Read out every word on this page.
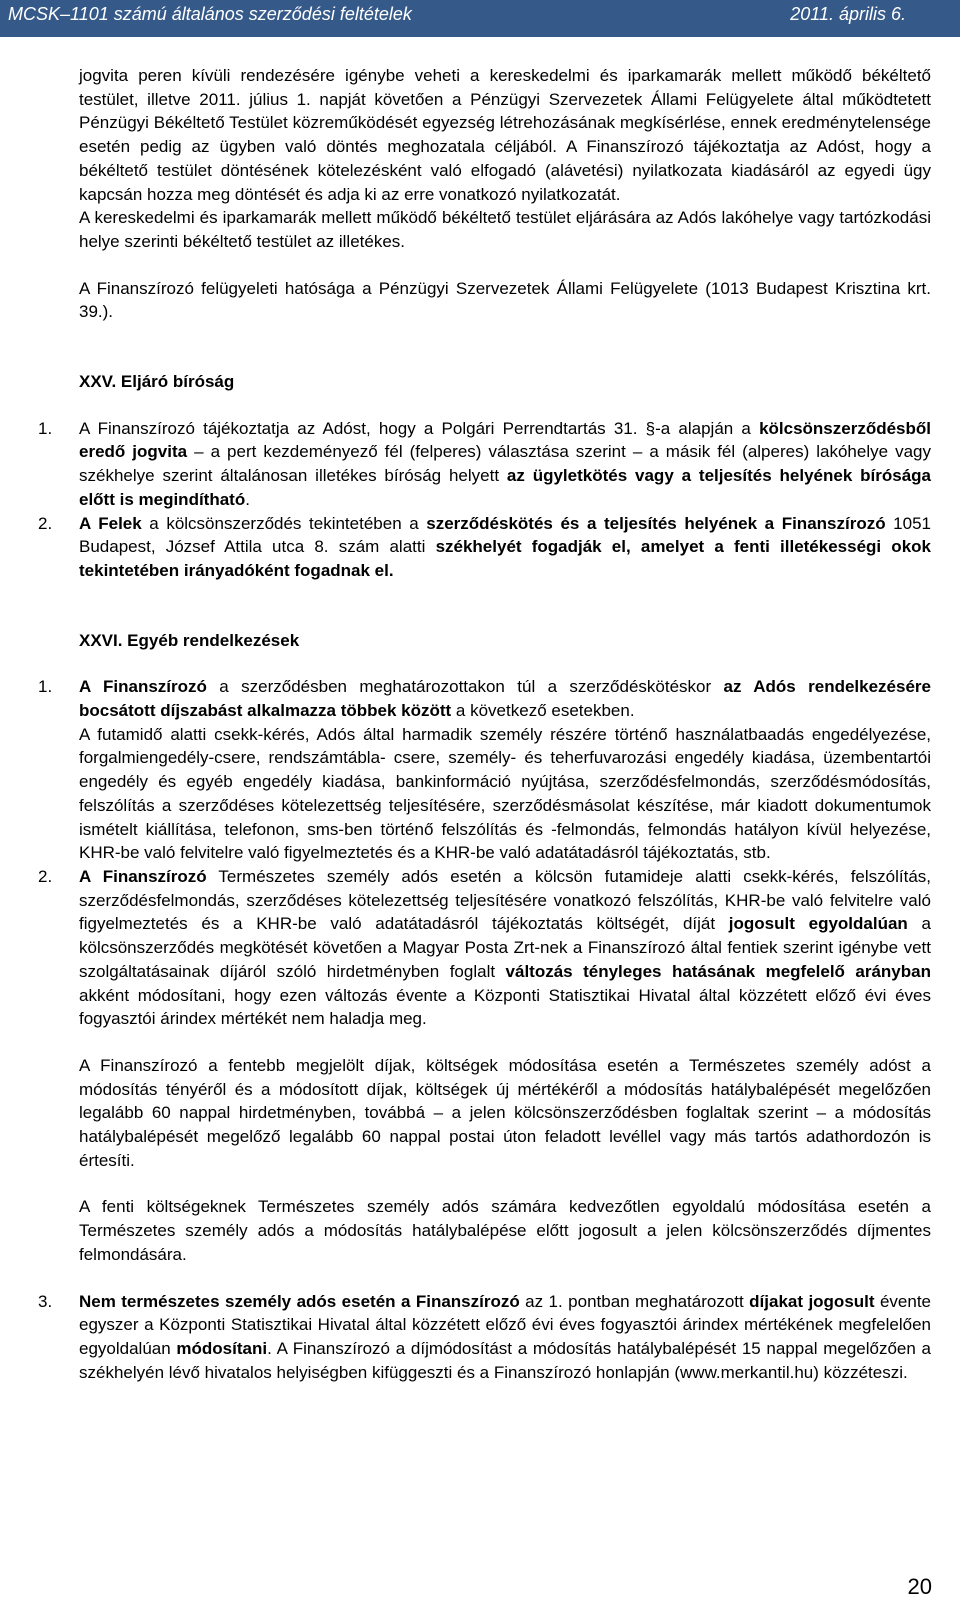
MCSK–1101 számú általános szerződési feltételek	2011. április 6.

jogvita peren kívüli rendezésére igénybe veheti a kereskedelmi és iparkamarák mellett működő békéltető testület, illetve 2011. július 1. napját követően a Pénzügyi Szervezetek Állami Felügyelete által működtetett Pénzügyi Békéltető Testület közreműködését egyezség létrehozásának megkísérlése, ennek eredménytelensége esetén pedig az ügyben való döntés meghozatala céljából. A Finanszírozó tájékoztatja az Adóst, hogy a békéltető testület döntésének kötelezésként való elfogadó (alávetési) nyilatkozata kiadásáról az egyedi ügy kapcsán hozza meg döntését és adja ki az erre vonatkozó nyilatkozatát.

A kereskedelmi és iparkamarák mellett működő békéltető testület eljárására az Adós lakóhelye vagy tartózkodási helye szerinti békéltető testület az illetékes.

A Finanszírozó felügyeleti hatósága a Pénzügyi Szervezetek Állami Felügyelete (1013 Budapest Krisztina krt. 39.).

XXV. Eljáró bíróság

1. A Finanszírozó tájékoztatja az Adóst, hogy a Polgári Perrendtartás 31. §-a alapján a kölcsönszerződésből eredő jogvita – a pert kezdeményező fél (felperes) választása szerint – a másik fél (alperes) lakóhelye vagy székhelye szerint általánosan illetékes bíróság helyett az ügyletkötés vagy a teljesítés helyének bírósága előtt is megindítható.
2. A Felek a kölcsönszerződés tekintetében a szerződéskötés és a teljesítés helyének a Finanszírozó 1051 Budapest, József Attila utca 8. szám alatti székhelyét fogadják el, amelyet a fenti illetékességi okok tekintetében irányadóként fogadnak el.

XXVI. Egyéb rendelkezések

1. A Finanszírozó a szerződésben meghatározottakon túl a szerződéskötéskor az Adós rendelkezésére bocsátott díjszabást alkalmazza többek között a következő esetekben.

A futamidő alatti csekk-kérés, Adós által harmadik személy részére történő használatbaadás engedélyezése, forgalmiengedély-csere, rendszámtábla- csere, személy- és teherfuvarozási engedély kiadása, üzembentartói engedély és egyéb engedély kiadása, bankinformáció nyújtása, szerződésfelmondás, szerződésmódosítás, felszólítás a szerződéses kötelezettség teljesítésére, szerződésmásolat készítése, már kiadott dokumentumok ismételt kiállítása, telefonon, sms-ben történő felszólítás és -felmondás, felmondás hatályon kívül helyezése, KHR-be való felvitelre való figyelmeztetés és a KHR-be való adatátadásról tájékoztatás, stb.

2. A Finanszírozó Természetes személy adós esetén a kölcsön futamideje alatti csekk-kérés, felszólítás, szerződésfelmondás, szerződéses kötelezettség teljesítésére vonatkozó felszólítás, KHR-be való felvitelre való figyelmeztetés és a KHR-be való adatátadásról tájékoztatás költségét, díját jogosult egyoldalúan a kölcsönszerződés megkötését követően a Magyar Posta Zrt-nek a Finanszírozó által fentiek szerint igénybe vett szolgáltatásainak díjáról szóló hirdetményben foglalt változás tényleges hatásának megfelelő arányban akként módosítani, hogy ezen változás évente a Központi Statisztikai Hivatal által közzétett előző évi éves fogyasztói árindex mértékét nem haladja meg.

A Finanszírozó a fentebb megjelölt díjak, költségek módosítása esetén a Természetes személy adóst a módosítás tényéről és a módosított díjak, költségek új mértékéről a módosítás hatálybalépését megelőzően legalább 60 nappal hirdetményben, továbbá – a jelen kölcsönszerződésben foglaltak szerint – a módosítás hatálybalépését megelőző legalább 60 nappal postai úton feladott levéllel vagy más tartós adathordozón is értesíti.

A fenti költségeknek Természetes személy adós számára kedvezőtlen egyoldalú módosítása esetén a Természetes személy adós a módosítás hatálybalépése előtt jogosult a jelen kölcsönszerződés díjmentes felmondására.

3. Nem természetes személy adós esetén a Finanszírozó az 1. pontban meghatározott díjakat jogosult évente egyszer a Központi Statisztikai Hivatal által közzétett előző évi éves fogyasztói árindex mértékének megfelelően egyoldalúan módosítani. A Finanszírozó a díjmódosítást a módosítás hatálybalépését 15 nappal megelőzően a székhelyén lévő hivatalos helyiségben kifüggeszti és a Finanszírozó honlapján (www.merkantil.hu) közzéteszi.
20
